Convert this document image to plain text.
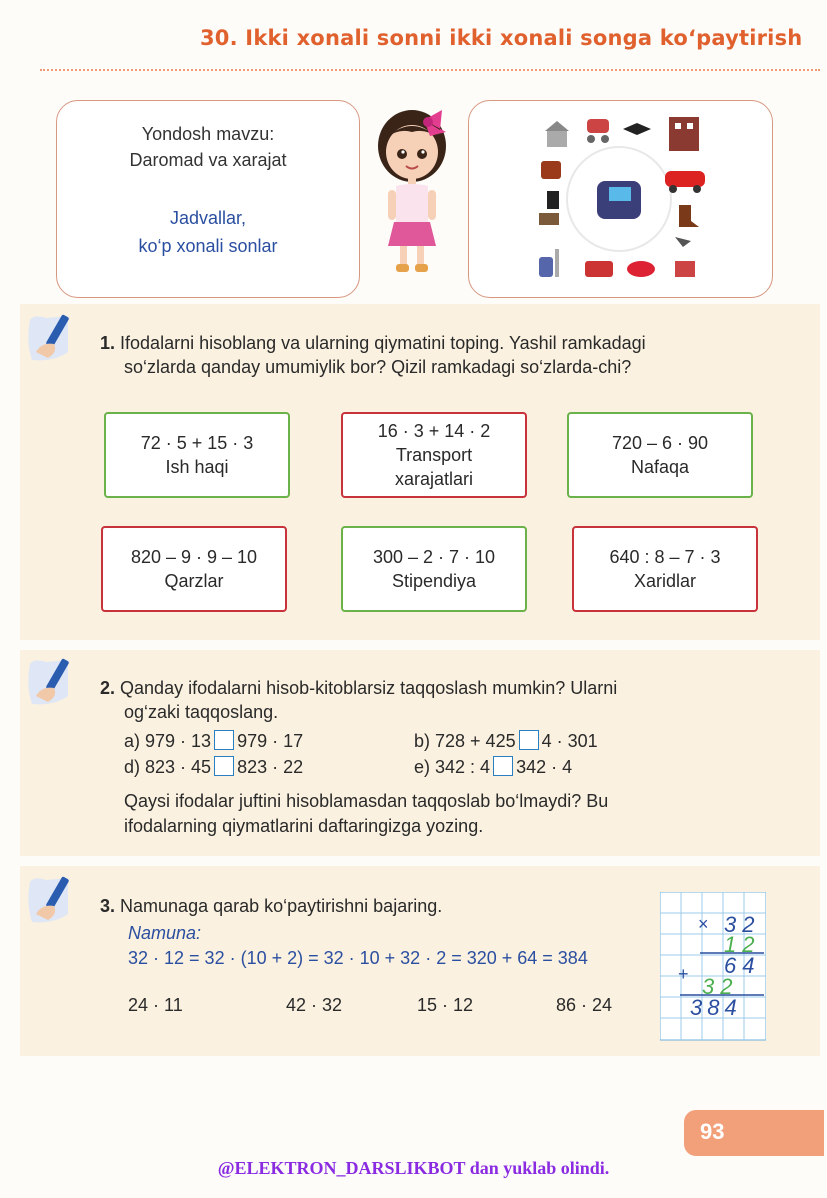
30. Ikki xonali sonni ikki xonali songa ko‘paytirish
Yondosh mavzu:
Daromad va xarajat
Jadvallar,
ko‘p xonali sonlar
1. Ifodalarni hisoblang va ularning qiymatini toping. Yashil ramkadagi
so‘zlarda qanday umumiylik bor? Qizil ramkadagi so‘zlarda-chi?
72 · 5 + 15 · 3
Ish haqi
16 · 3 + 14 · 2
Transport
xarajatlari
720 – 6 · 90
Nafaqa
820 – 9 · 9 – 10
Qarzlar
300 – 2 · 7 · 10
Stipendiya
640 : 8 – 7 · 3
Xaridlar
2. Qanday ifodalarni hisob-kitoblarsiz taqqoslash mumkin? Ularni
og‘zaki taqqoslang.
a) 979 · 13 979 · 17	b) 728 + 425 4 · 301
d) 823 · 45 823 · 22	e) 342 : 4 342 · 4
Qaysi ifodalar juftini hisoblamasdan taqqoslab bo‘lmaydi? Bu
ifodalarning qiymatlarini daftaringizga yozing.
3. Namunaga qarab ko‘paytirishni bajaring.
Namuna:
32 · 12 = 32 · (10 + 2) = 32 · 10 + 32 · 2 = 320 + 64 = 384
24 · 11	42 · 32	15 · 12	86 · 24
× 32
12
64
+ 32
384
93
@ELEKTRON_DARSLIKBOT dan yuklab olindi.
